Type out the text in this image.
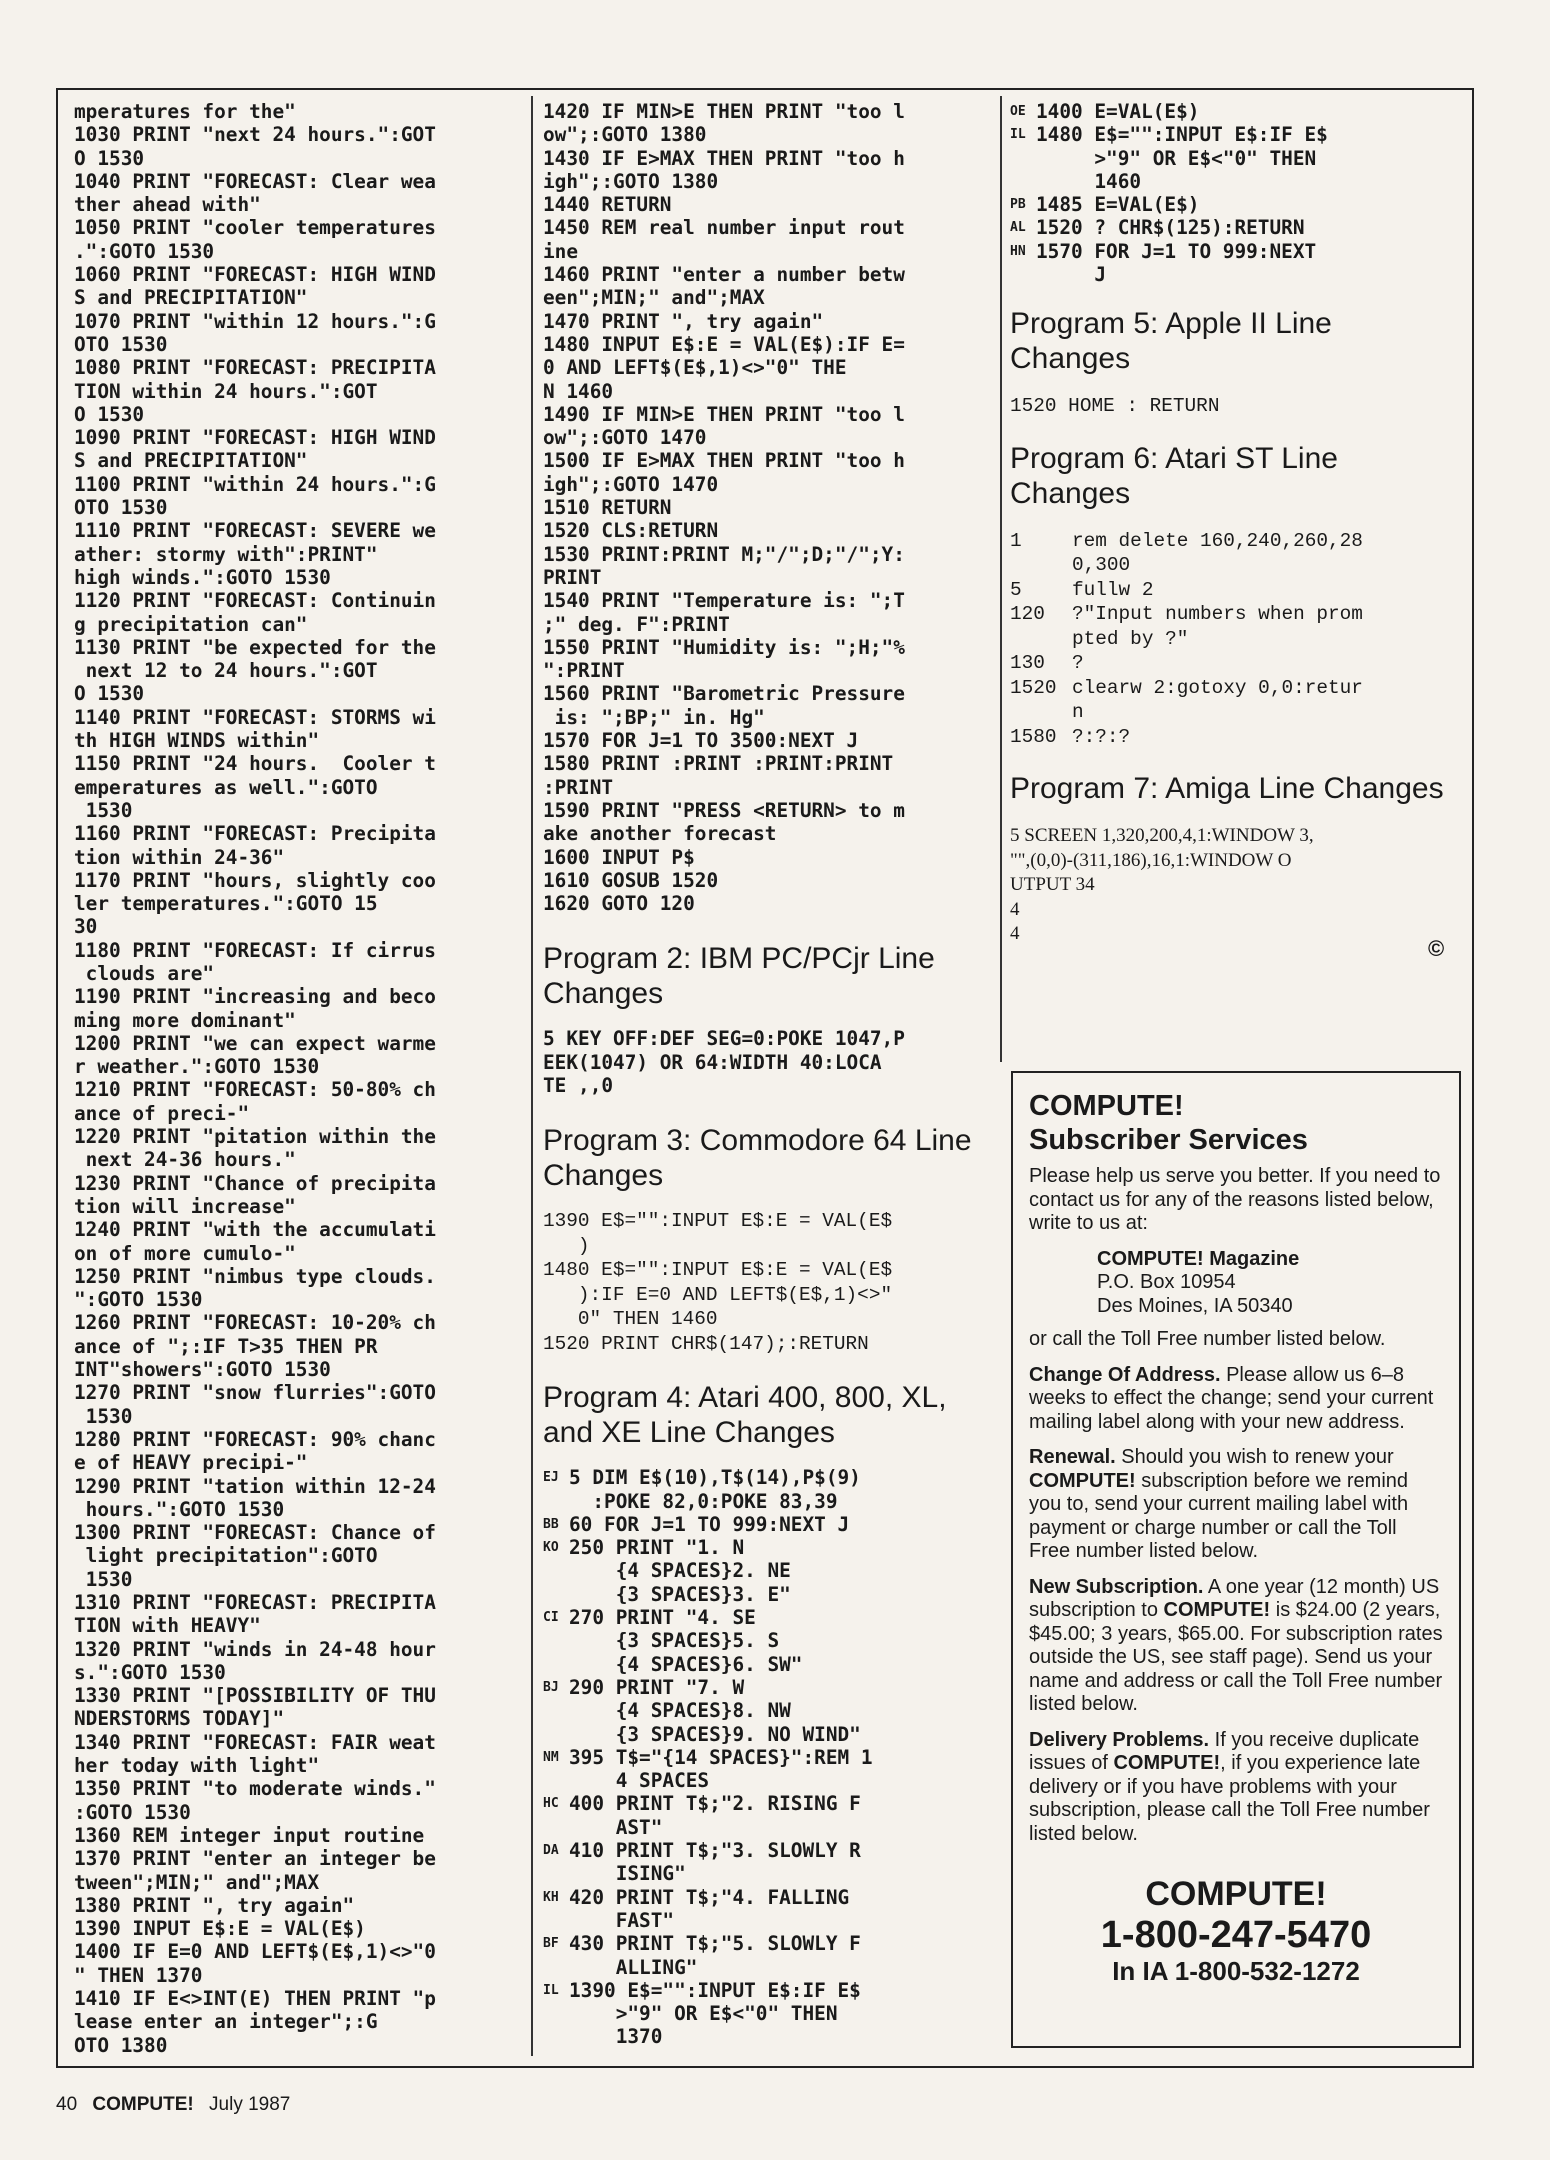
mperatures for the"
1030 PRINT "next 24 hours.":GOT
O 1530
1040 PRINT "FORECAST: Clear wea
ther ahead with"
1050 PRINT "cooler temperatures
.":GOTO 1530
1060 PRINT "FORECAST: HIGH WIND
S and PRECIPITATION"
1070 PRINT "within 12 hours.":G
OTO 1530
1080 PRINT "FORECAST: PRECIPITA
TION within 24 hours.":GOT
O 1530
1090 PRINT "FORECAST: HIGH WIND
S and PRECIPITATION"
1100 PRINT "within 24 hours.":G
OTO 1530
1110 PRINT "FORECAST: SEVERE we
ather: stormy with":PRINT"
high winds.":GOTO 1530
1120 PRINT "FORECAST: Continuin
g precipitation can"
1130 PRINT "be expected for the
next 12 to 24 hours.":GOT
O 1530
1140 PRINT "FORECAST: STORMS wi
th HIGH WINDS within"
1150 PRINT "24 hours.  Cooler t
emperatures as well.":GOTO
1530
1160 PRINT "FORECAST: Precipita
tion within 24-36"
1170 PRINT "hours, slightly coo
ler temperatures.":GOTO 15
30
1180 PRINT "FORECAST: If cirrus
clouds are"
1190 PRINT "increasing and beco
ming more dominant"
1200 PRINT "we can expect warme
r weather.":GOTO 1530
1210 PRINT "FORECAST: 50-80% ch
ance of preci-"
1220 PRINT "pitation within the
next 24-36 hours."
1230 PRINT "Chance of precipita
tion will increase"
1240 PRINT "with the accumulati
on of more cumulo-"
1250 PRINT "nimbus type clouds.
":GOTO 1530
1260 PRINT "FORECAST: 10-20% ch
ance of ";:IF T>35 THEN PR
INT"showers":GOTO 1530
1270 PRINT "snow flurries":GOTO
1530
1280 PRINT "FORECAST: 90% chanc
e of HEAVY precipi-"
1290 PRINT "tation within 12-24
hours.":GOTO 1530
1300 PRINT "FORECAST: Chance of
light precipitation":GOTO
1530
1310 PRINT "FORECAST: PRECIPITA
TION with HEAVY"
1320 PRINT "winds in 24-48 hour
s.":GOTO 1530
1330 PRINT "[POSSIBILITY OF THU
NDERSTORMS TODAY]"
1340 PRINT "FORECAST: FAIR weat
her today with light"
1350 PRINT "to moderate winds."
:GOTO 1530
1360 REM integer input routine
1370 PRINT "enter an integer be
tween";MIN;" and";MAX
1380 PRINT ", try again"
1390 INPUT E$:E = VAL(E$)
1400 IF E=0 AND LEFT$(E$,1)<>"0
" THEN 1370
1410 IF E<>INT(E) THEN PRINT "p
lease enter an integer";:G
OTO 1380
1420 IF MIN>E THEN PRINT "too l
ow";:GOTO 1380
1430 IF E>MAX THEN PRINT "too h
igh";:GOTO 1380
1440 RETURN
1450 REM real number input rout
ine
1460 PRINT "enter a number betw
een";MIN;" and";MAX
1470 PRINT ", try again"
1480 INPUT E$:E = VAL(E$):IF E=
0 AND LEFT$(E$,1)<>"0" THE
N 1460
1490 IF MIN>E THEN PRINT "too l
ow";:GOTO 1470
1500 IF E>MAX THEN PRINT "too h
igh";:GOTO 1470
1510 RETURN
1520 CLS:RETURN
1530 PRINT:PRINT M;"/";D;"/";Y:
PRINT
1540 PRINT "Temperature is: ";T
;" deg. F":PRINT
1550 PRINT "Humidity is: ";H;"%
":PRINT
1560 PRINT "Barometric Pressure
is: ";BP;" in. Hg"
1570 FOR J=1 TO 3500:NEXT J
1580 PRINT :PRINT :PRINT:PRINT
:PRINT
1590 PRINT "PRESS <RETURN> to m
ake another forecast
1600 INPUT P$
1610 GOSUB 1520
1620 GOTO 120
Program 2: IBM PC/PCjr Line Changes
5 KEY OFF:DEF SEG=0:POKE 1047,P
EEK(1047) OR 64:WIDTH 40:LOCA
TE ,,0
Program 3: Commodore 64 Line Changes
1390 E$="":INPUT E$:E = VAL(E$
)
1480 E$="":INPUT E$:E = VAL(E$
):IF E=0 AND LEFT$(E$,1)<>"
0" THEN 1460
1520 PRINT CHR$(147);:RETURN
Program 4: Atari 400, 800, XL, and XE Line Changes
EJ 5 DIM E$(10),T$(14),P$(9)
:POKE 82,0:POKE 83,39
BB 60 FOR J=1 TO 999:NEXT J
KO 250 PRINT "1. N
{4 SPACES}2. NE
{3 SPACES}3. E"
CI 270 PRINT "4. SE
{3 SPACES}5. S
{4 SPACES}6. SW"
BJ 290 PRINT "7. W
{4 SPACES}8. NW
{3 SPACES}9. NO WIND"
NM 395 T$="{14 SPACES}":REM 1
4 SPACES
HC 400 PRINT T$;"2. RISING F
AST"
DA 410 PRINT T$;"3. SLOWLY R
ISING"
KH 420 PRINT T$;"4. FALLING
FAST"
BF 430 PRINT T$;"5. SLOWLY F
ALLING"
IL 1390 E$="":INPUT E$:IF E$
>"9" OR E$<"0" THEN
1370
OE 1400 E=VAL(E$)
IL 1480 E$="":INPUT E$:IF E$
>"9" OR E$<"0" THEN
1460
PB 1485 E=VAL(E$)
AL 1520 ? CHR$(125):RETURN
HN 1570 FOR J=1 TO 999:NEXT
J
Program 5: Apple II Line Changes
1520 HOME : RETURN
Program 6: Atari ST Line Changes
1	rem delete 160,240,260,28
0,300
5	fullw 2
120	?"Input numbers when prom
pted by ?"
130	?
1520 clearw 2:gotoxy 0,0:retur
n
1580 ?:?:?
Program 7: Amiga Line Changes
5 SCREEN 1,320,200,4,1:WINDOW 3,
"",(0,0)-(311,186),16,1:WINDOW O
UTPUT 34
4
4
©
COMPUTE!
Subscriber Services

Please help us serve you better. If you need to contact us for any of the reasons listed below, write to us at:

COMPUTE! Magazine
P.O. Box 10954
Des Moines, IA 50340

or call the Toll Free number listed below.

Change Of Address. Please allow us 6–8 weeks to effect the change; send your current mailing label along with your new address.

Renewal. Should you wish to renew your COMPUTE! subscription before we remind you to, send your current mailing label with payment or charge number or call the Toll Free number listed below.

New Subscription. A one year (12 month) US subscription to COMPUTE! is $24.00 (2 years, $45.00; 3 years, $65.00. For subscription rates outside the US, see staff page). Send us your name and address or call the Toll Free number listed below.

Delivery Problems. If you receive duplicate issues of COMPUTE!, if you experience late delivery or if you have problems with your subscription, please call the Toll Free number listed below.

COMPUTE!
1-800-247-5470
In IA 1-800-532-1272
40 COMPUTE! July 1987
